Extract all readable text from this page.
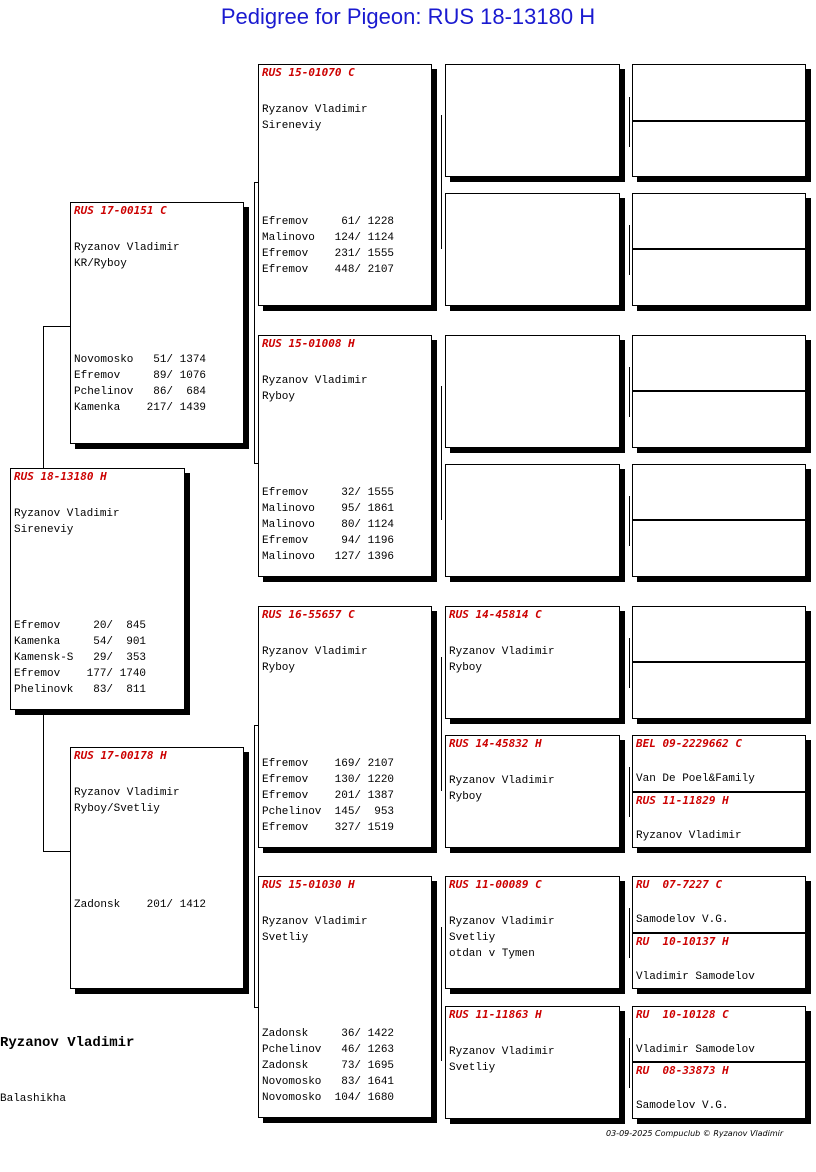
Pedigree for Pigeon: RUS 18-13180 H
RUS 18-13180 H
Ryzanov Vladimir
Sireneviy
Efremov     20/  845
Kamenka     54/  901
Kamensk-S   29/  353
Efremov    177/ 1740
Phelinovk   83/  811
RUS 17-00151 C
Ryzanov Vladimir
KR/Ryboy
Novomosko   51/ 1374
Efremov     89/ 1076
Pchelinov   86/  684
Kamenka    217/ 1439
RUS 17-00178 H
Ryzanov Vladimir
Ryboy/Svetliy
Zadonsk    201/ 1412
RUS 15-01070 C
Ryzanov Vladimir
Sireneviy
Efremov     61/ 1228
Malinovo   124/ 1124
Efremov    231/ 1555
Efremov    448/ 2107
RUS 15-01008 H
Ryzanov Vladimir
Ryboy
Efremov     32/ 1555
Malinovo    95/ 1861
Malinovo    80/ 1124
Efremov     94/ 1196
Malinovo   127/ 1396
RUS 16-55657 C
Ryzanov Vladimir
Ryboy
Efremov    169/ 2107
Efremov    130/ 1220
Efremov    201/ 1387
Pchelinov  145/  953
Efremov    327/ 1519
RUS 15-01030 H
Ryzanov Vladimir
Svetliy
Zadonsk     36/ 1422
Pchelinov   46/ 1263
Zadonsk     73/ 1695
Novomosko   83/ 1641
Novomosko  104/ 1680
RUS 14-45814 C
Ryzanov Vladimir
Ryboy
RUS 14-45832 H
Ryzanov Vladimir
Ryboy
RUS 11-00089 C
Ryzanov Vladimir
Svetliy
otdan v Tymen
RUS 11-11863 H
Ryzanov Vladimir
Svetliy
BEL 09-2229662 C
Van De Poel&Family
RUS 11-11829 H
Ryzanov Vladimir
RU  07-7227 C
Samodelov V.G.
RU  10-10137 H
Vladimir Samodelov
RU  10-10128 C
Vladimir Samodelov
RU  08-33873 H
Samodelov V.G.
Ryzanov Vladimir
Balashikha
03-09-2025 Compuclub © Ryzanov Vladimir
